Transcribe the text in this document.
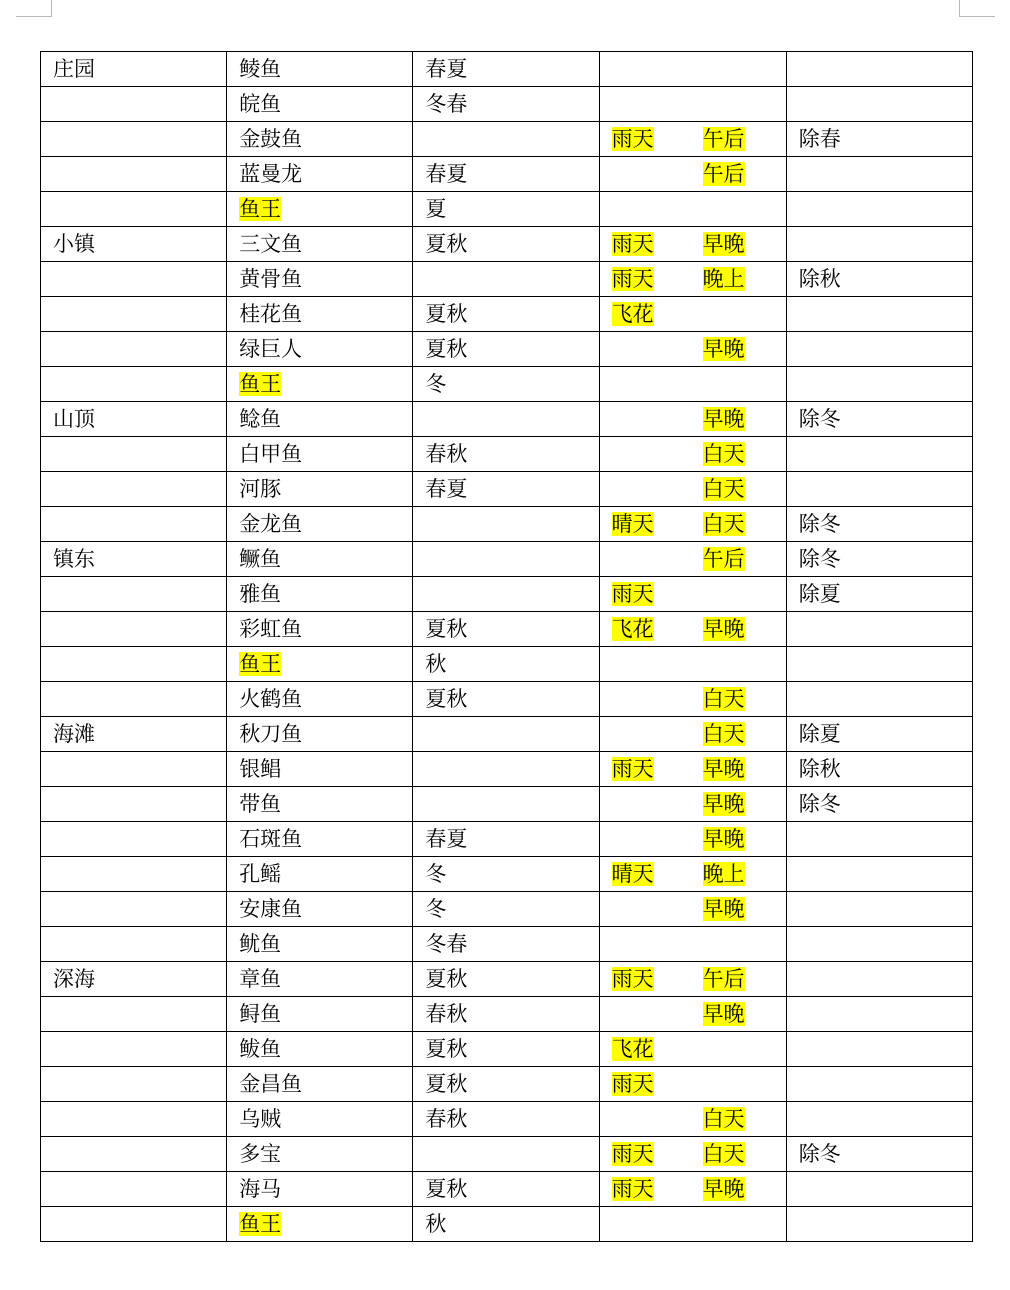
庄园	鲮鱼	春夏		
	皖鱼	冬春		
	金鼓鱼		雨天 午后	除春
	蓝曼龙	春夏	午后	
	鱼王	夏		
小镇	三文鱼	夏秋	雨天 早晚	
	黄骨鱼		雨天 晚上	除秋
	桂花鱼	夏秋	飞花	
	绿巨人	夏秋	早晚	
	鱼王	冬		
山顶	鲶鱼		早晚	除冬
	白甲鱼	春秋	白天	
	河豚	春夏	白天	
	金龙鱼		晴天 白天	除冬
镇东	鳜鱼		午后	除冬
	雅鱼		雨天	除夏
	彩虹鱼	夏秋	飞花 早晚	
	鱼王	秋		
	火鹤鱼	夏秋	白天	
海滩	秋刀鱼		白天	除夏
	银鲳		雨天 早晚	除秋
	带鱼		早晚	除冬
	石斑鱼	春夏	早晚	
	孔鳐	冬	晴天 晚上	
	安康鱼	冬	早晚	
	鱿鱼	冬春		
深海	章鱼	夏秋	雨天 午后	
	鲟鱼	春秋	早晚	
	鲅鱼	夏秋	飞花	
	金昌鱼	夏秋	雨天	
	乌贼	春秋	白天	
	多宝		雨天 白天	除冬
	海马	夏秋	雨天 早晚	
	鱼王	秋		
